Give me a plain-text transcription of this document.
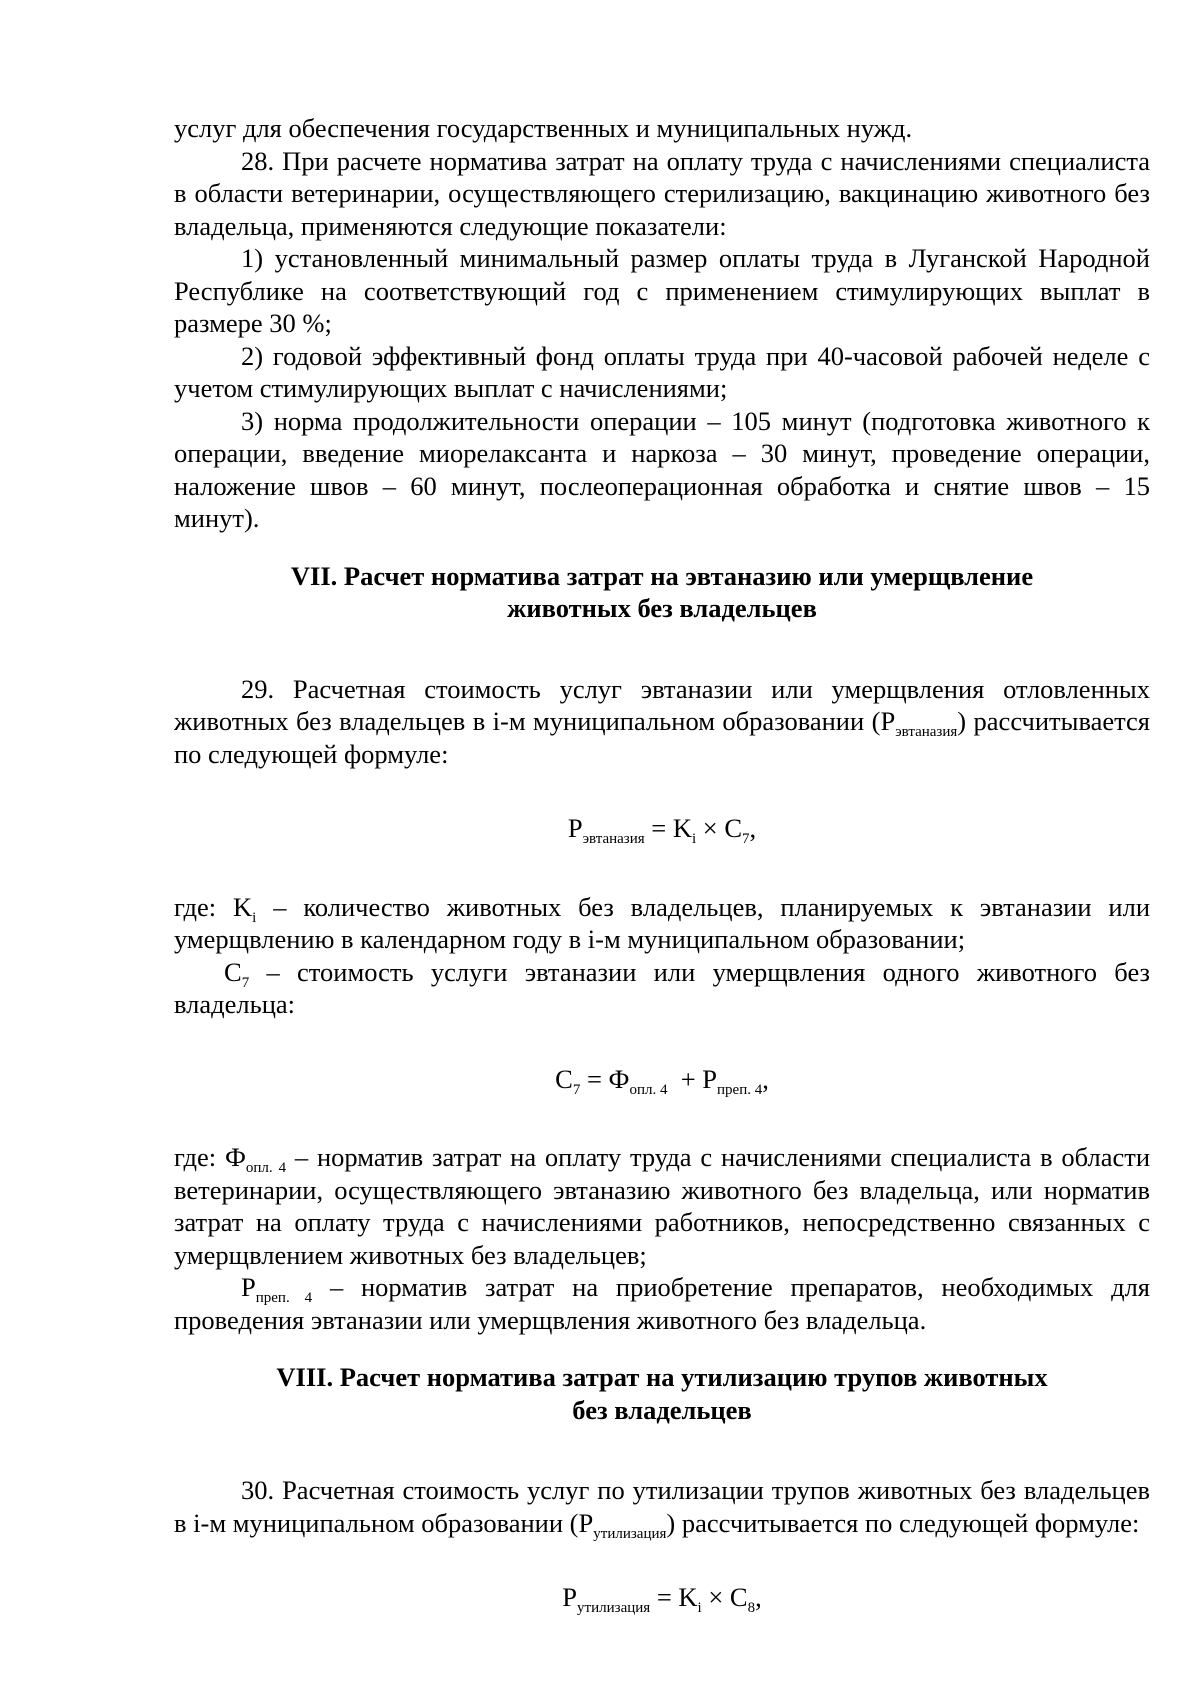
услуг для обеспечения государственных и муниципальных нужд.

28. При расчете норматива затрат на оплату труда с начислениями специалиста в области ветеринарии, осуществляющего стерилизацию, вакцинацию животного без владельца, применяются следующие показатели:

1) установленный минимальный размер оплаты труда в Луганской Народной Республике на соответствующий год с применением стимулирующих выплат в размере 30 %;

2) годовой эффективный фонд оплаты труда при 40-часовой рабочей неделе с учетом стимулирующих выплат с начислениями;

3) норма продолжительности операции – 105 минут (подготовка животного к операции, введение миорелаксанта и наркоза – 30 минут, проведение операции, наложение швов – 60 минут, послеоперационная обработка и снятие швов – 15 минут).

VII. Расчет норматива затрат на эвтаназию или умерщвление

животных без владельцев

29. Расчетная стоимость услуг эвтаназии или умерщвления отловленных животных без владельцев в i-м муниципальном образовании $(P_{эвтаназия})$ рассчитывается по следующей формуле:

$P_{эвтаназия} = K_i \times C_7$,

где: $K_i$ – количество животных без владельцев, планируемых к эвтаназии или умерщвлению в календарном году в i-м муниципальном образовании;

$C_7$ – стоимость услуги эвтаназии или умерщвления одного животного без владельца:

$C_7 = Ф_{опл. 4} + P_{преп. 4}$,

где: $Ф_{опл. 4}$ – норматив затрат на оплату труда с начислениями специалиста в области ветеринарии, осуществляющего эвтаназию животного без владельца, или норматив затрат на оплату труда с начислениями работников, непосредственно связанных с умерщвлением животных без владельцев;

$P_{преп. 4}$ – норматив затрат на приобретение препаратов, необходимых для проведения эвтаназии или умерщвления животного без владельца.

VIII. Расчет норматива затрат на утилизацию трупов животных

без владельцев

30. Расчетная стоимость услуг по утилизации трупов животных без владельцев в i-м муниципальном образовании $(P_{утилизация})$ рассчитывается по следующей формуле:

$P_{утилизация} = K_i \times C_8$,
